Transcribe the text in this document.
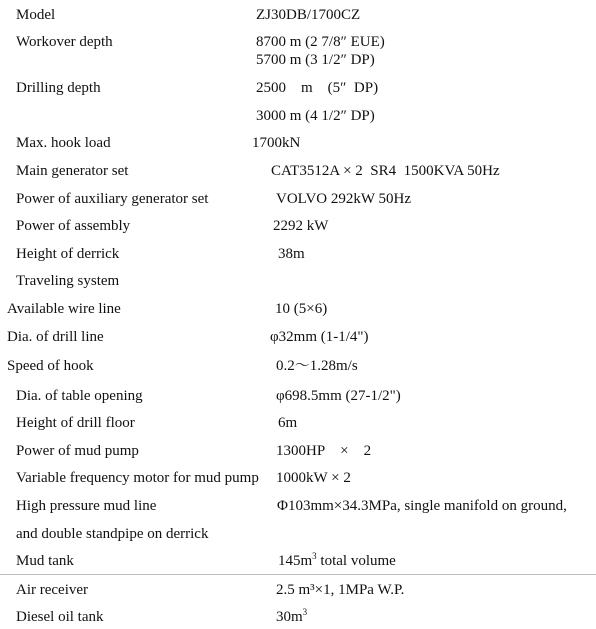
Model	ZJ30DB/1700CZ
Workover depth	8700 m (2 7/8″ EUE)
5700 m (3 1/2″ DP)
Drilling depth	2500 m (5″ DP)
3000 m (4 1/2″ DP)
Max. hook load	1700kN
Main generator set	CAT3512A × 2 SR4 1500KVA 50Hz
Power of auxiliary generator set	VOLVO 292kW 50Hz
Power of assembly	2292 kW
Height of derrick	38m
Traveling system
Available wire line	10 (5×6)
Dia. of drill line	φ32mm (1-1/4")
Speed of hook	0.2～1.28m/s
Dia. of table opening	φ698.5mm (27-1/2")
Height of drill floor	6m
Power of mud pump	1300HP × 2
Variable frequency motor for mud pump 1000kW × 2
High pressure mud line	Φ103mm×34.3MPa, single manifold on ground,
and double standpipe on derrick
Mud tank	$145m^3$ total volume
Air receiver	2.5 m³×1, 1MPa W.P.
Diesel oil tank	$30m^3$
